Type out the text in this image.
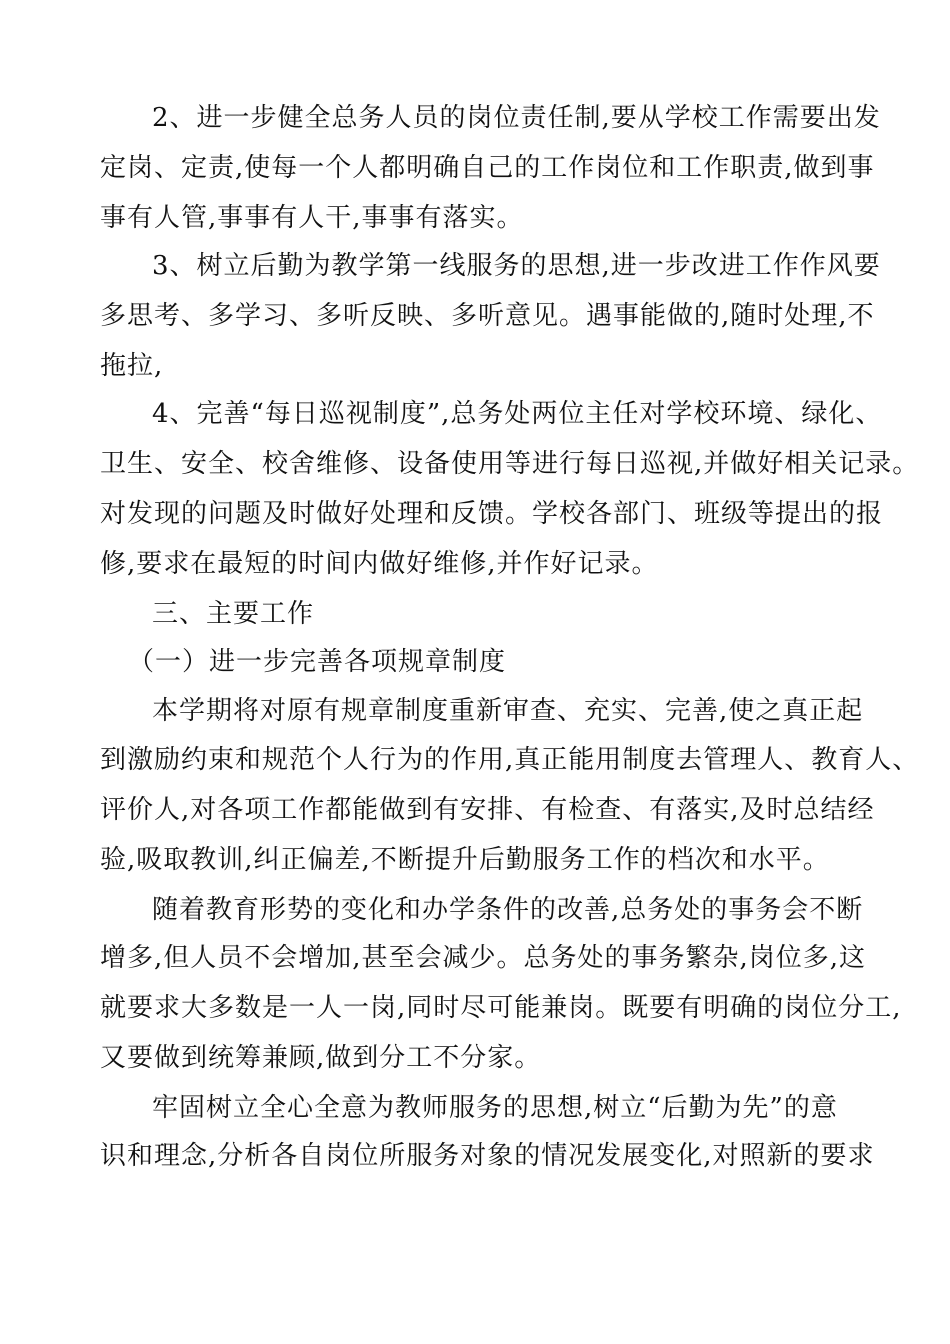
2、进一步健全总务人员的岗位责任制,要从学校工作需要出发
定岗、定责,使每一个人都明确自己的工作岗位和工作职责,做到事
事有人管,事事有人干,事事有落实。
3、树立后勤为教学第一线服务的思想,进一步改进工作作风要
多思考、多学习、多听反映、多听意见。遇事能做的,随时处理,不
拖拉,
4、完善“每日巡视制度”,总务处两位主任对学校环境、绿化、
卫生、安全、校舍维修、设备使用等进行每日巡视,并做好相关记录。
对发现的问题及时做好处理和反馈。学校各部门、班级等提出的报
修,要求在最短的时间内做好维修,并作好记录。
三、主要工作
（一）进一步完善各项规章制度
本学期将对原有规章制度重新审查、充实、完善,使之真正起
到激励约束和规范个人行为的作用,真正能用制度去管理人、教育人、
评价人,对各项工作都能做到有安排、有检查、有落实,及时总结经
验,吸取教训,纠正偏差,不断提升后勤服务工作的档次和水平。
随着教育形势的变化和办学条件的改善,总务处的事务会不断
增多,但人员不会增加,甚至会减少。总务处的事务繁杂,岗位多,这
就要求大多数是一人一岗,同时尽可能兼岗。既要有明确的岗位分工,
又要做到统筹兼顾,做到分工不分家。
牢固树立全心全意为教师服务的思想,树立“后勤为先”的意
识和理念,分析各自岗位所服务对象的情况发展变化,对照新的要求
